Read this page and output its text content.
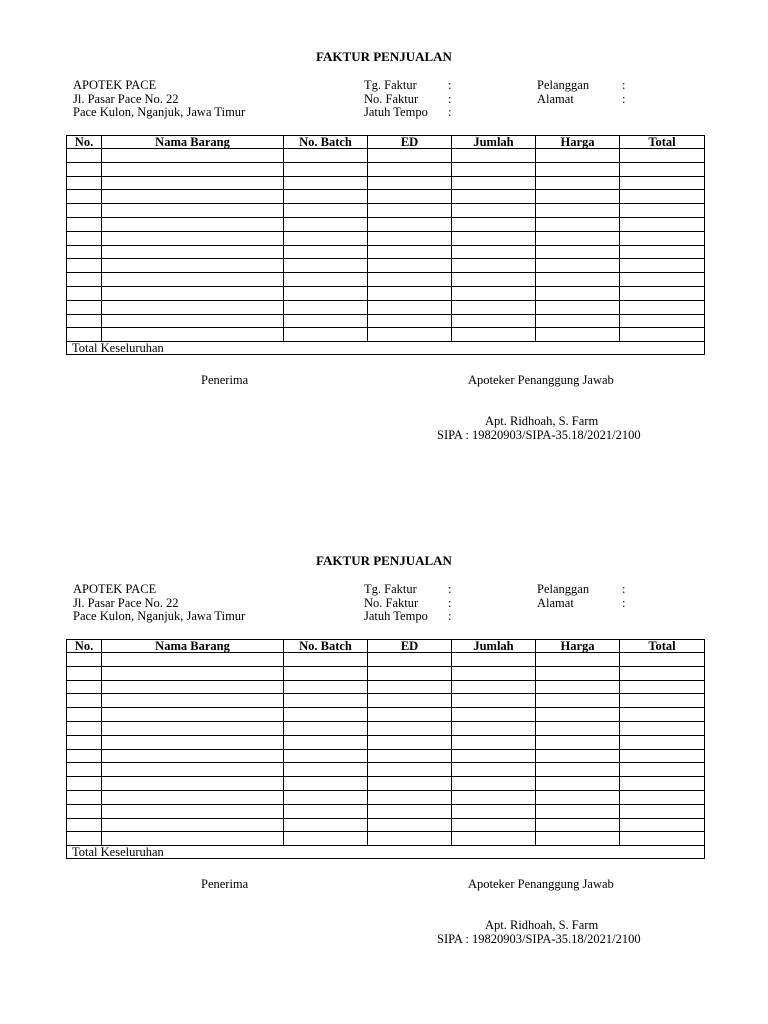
FAKTUR PENJUALAN
APOTEK PACE
Jl. Pasar Pace No. 22
Pace Kulon, Nganjuk, Jawa Timur
Tg. Faktur :
No. Faktur :
Jatuh Tempo :
Pelanggan	:
Alamat	:
No.	Nama Barang	No. Batch	ED	Jumlah	Harga	Total

Total Keseluruhan						
Penerima	Apoteker Penanggung Jawab
Apt. Ridhoah, S. Farm
SIPA : 19820903/SIPA-35.18/2021/2100
FAKTUR PENJUALAN
APOTEK PACE
Jl. Pasar Pace No. 22
Pace Kulon, Nganjuk, Jawa Timur
Tg. Faktur :
No. Faktur :
Jatuh Tempo :
Pelanggan	:
Alamat	:
No.	Nama Barang	No. Batch	ED	Jumlah	Harga	Total

Total Keseluruhan						
Penerima	Apoteker Penanggung Jawab
Apt. Ridhoah, S. Farm
SIPA : 19820903/SIPA-35.18/2021/2100
